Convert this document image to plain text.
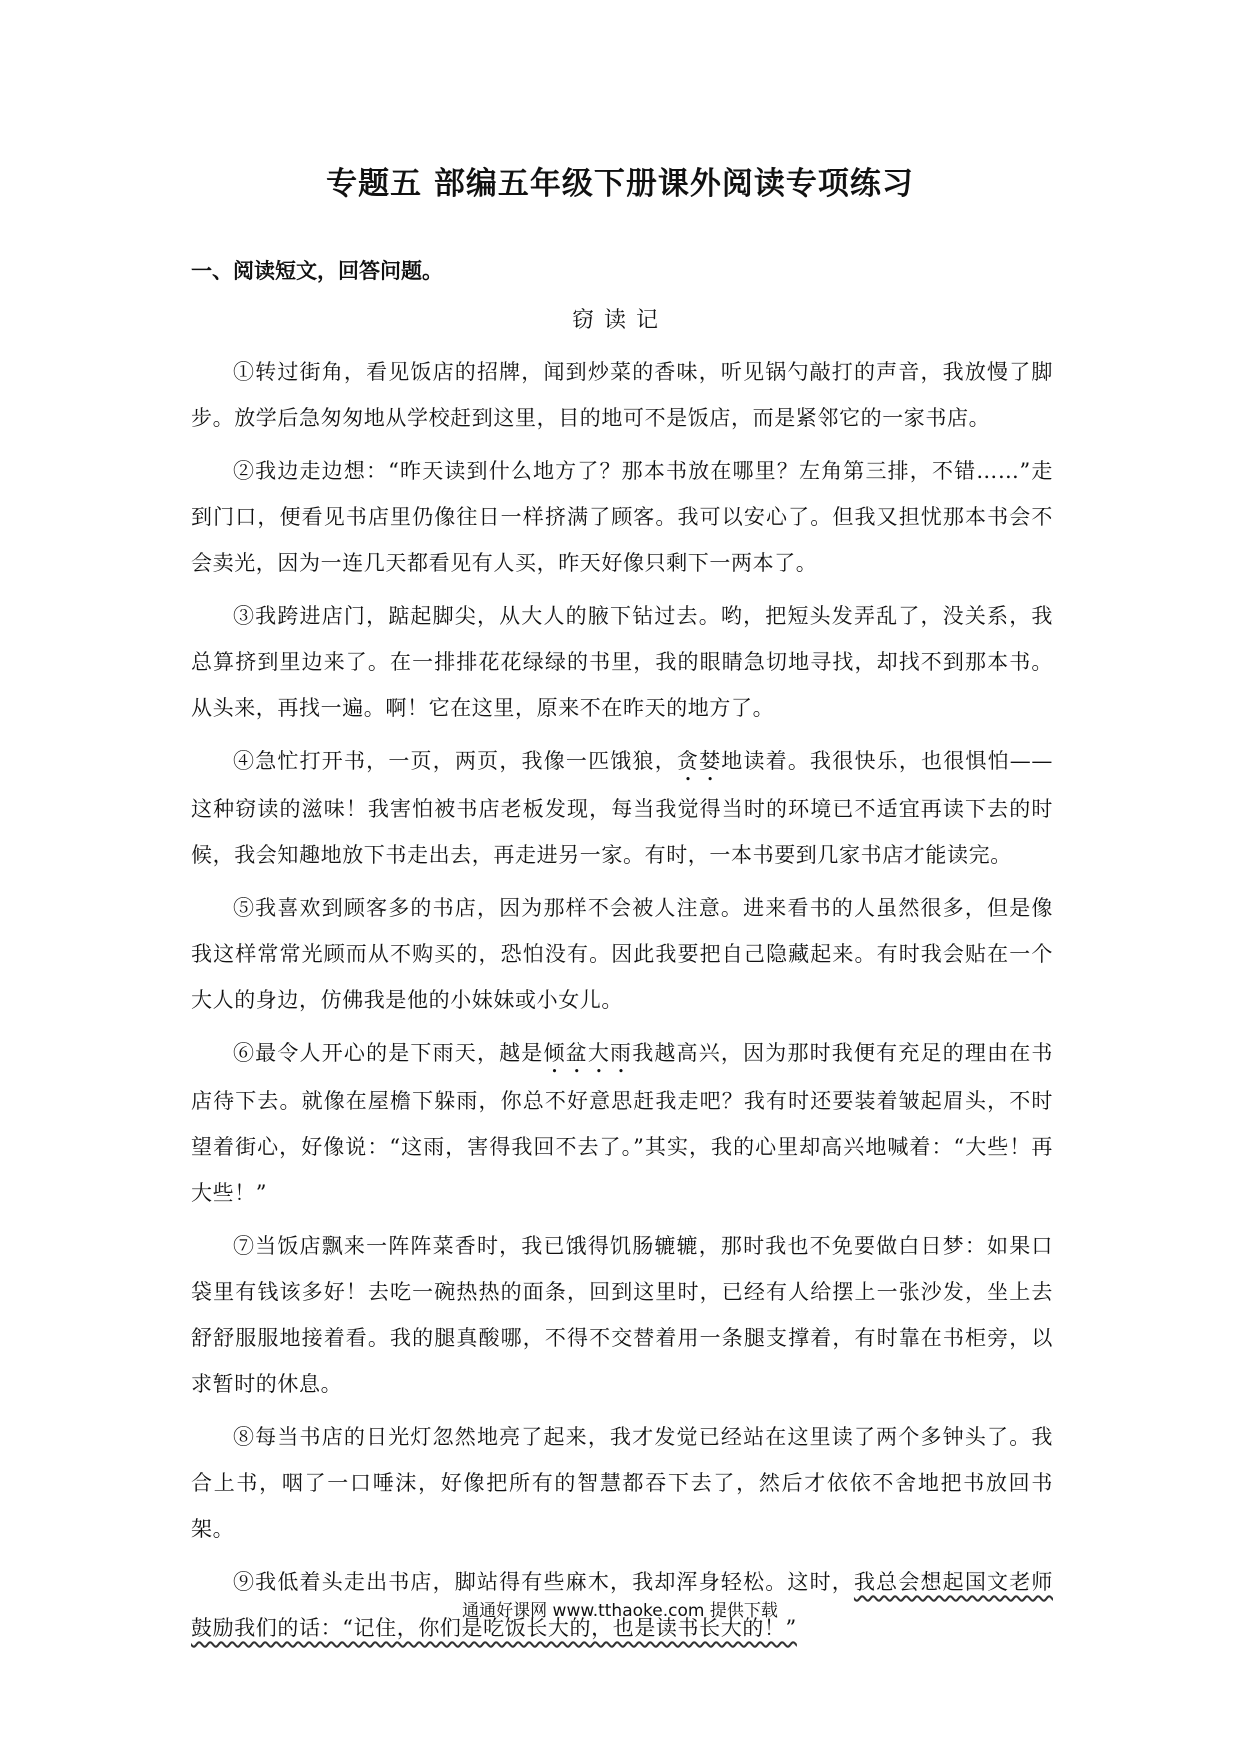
专题五 部编五年级下册课外阅读专项练习
一、阅读短文，回答问题。
窃读记

①转过街角，看见饭店的招牌，闻到炒菜的香味，听见锅勺敲打的声音，我放慢了脚步。放学后急匆匆地从学校赶到这里，目的地可不是饭店，而是紧邻它的一家书店。

②我边走边想：“昨天读到什么地方了？那本书放在哪里？左角第三排，不错……”走到门口，便看见书店里仍像往日一样挤满了顾客。我可以安心了。但我又担忧那本书会不会卖光，因为一连几天都看见有人买，昨天好像只剩下一两本了。

③我跨进店门，踮起脚尖，从大人的腋下钻过去。哟，把短头发弄乱了，没关系，我总算挤到里边来了。在一排排花花绿绿的书里，我的眼睛急切地寻找，却找不到那本书。从头来，再找一遍。啊！它在这里，原来不在昨天的地方了。

④急忙打开书，一页，两页，我像一匹饿狼，贪婪地读着。我很快乐，也很惧怕——这种窃读的滋味！我害怕被书店老板发现，每当我觉得当时的环境已不适宜再读下去的时候，我会知趣地放下书走出去，再走进另一家。有时，一本书要到几家书店才能读完。

⑤我喜欢到顾客多的书店，因为那样不会被人注意。进来看书的人虽然很多，但是像我这样常常光顾而从不购买的，恐怕没有。因此我要把自己隐藏起来。有时我会贴在一个大人的身边，仿佛我是他的小妹妹或小女儿。

⑥最令人开心的是下雨天，越是倾盆大雨我越高兴，因为那时我便有充足的理由在书店待下去。就像在屋檐下躲雨，你总不好意思赶我走吧？我有时还要装着皱起眉头，不时望着街心，好像说：“这雨，害得我回不去了。”其实，我的心里却高兴地喊着：“大些！再大些！”

⑦当饭店飘来一阵阵菜香时，我已饿得饥肠辘辘，那时我也不免要做白日梦：如果口袋里有钱该多好！去吃一碗热热的面条，回到这里时，已经有人给摆上一张沙发，坐上去舒舒服服地接着看。我的腿真酸哪，不得不交替着用一条腿支撑着，有时靠在书柜旁，以求暂时的休息。

⑧每当书店的日光灯忽然地亮了起来，我才发觉已经站在这里读了两个多钟头了。我合上书，咽了一口唾沫，好像把所有的智慧都吞下去了，然后才依依不舍地把书放回书架。

⑨我低着头走出书店，脚站得有些麻木，我却浑身轻松。这时，我总会想起国文老师鼓励我们的话：“记住，你们是吃饭长大的，也是读书长大的！”

通通好课网 www.tthaoke.com 提供下载
